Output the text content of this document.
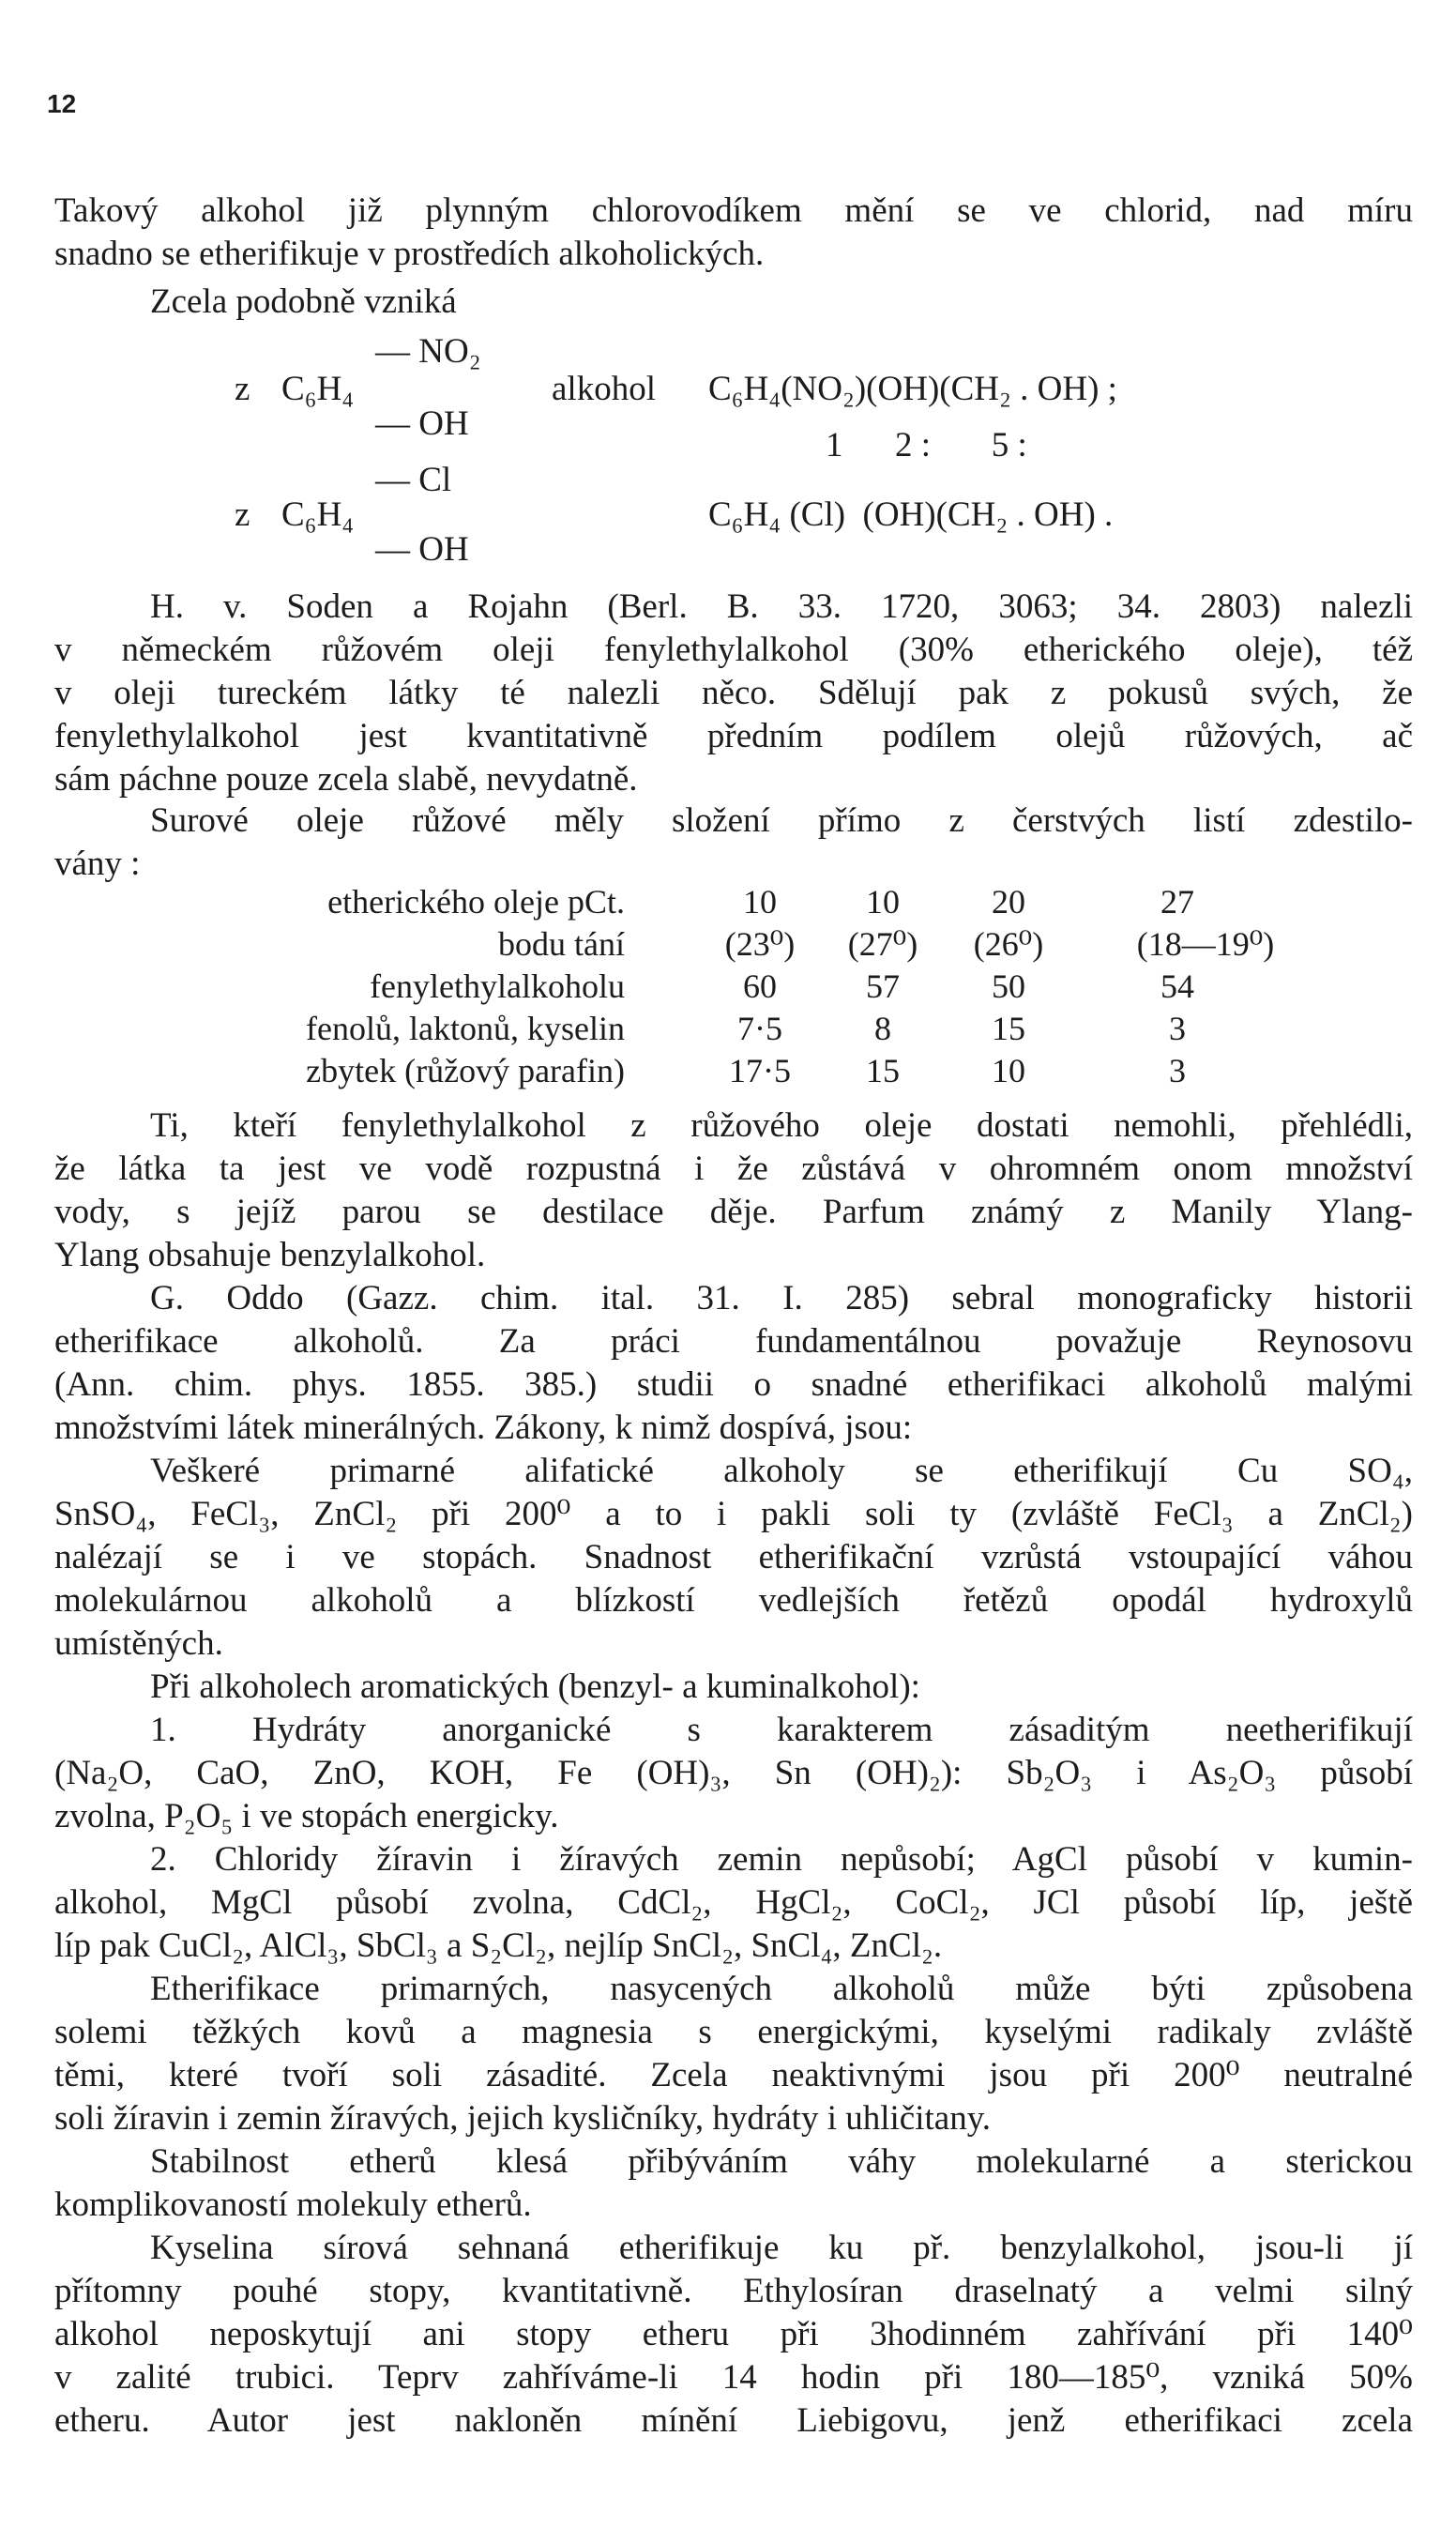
12
Takový alkohol již plynným chlorovodíkem mění se ve chlorid, nad míru
snadno se etherifikuje v prostředích alkoholických.
Zcela podobně vzniká
— NO₂
z C₆H₄
— OH
alkohol C₆H₄(NO₂)(OH)(CH₂ . OH) ;
1      2 :       5 :
— Cl
z C₆H₄
— OH
C₆H₄ (Cl)  (OH)(CH₂ . OH) .
H. v. Soden a Rojahn (Berl. B. 33. 1720, 3063; 34. 2803) nalezli
v německém růžovém oleji fenylethylalkohol (30% etherického oleje), též
v oleji tureckém látky té nalezli něco. Sdělují pak z pokusů svých, že
fenylethylalkohol jest kvantitativně předním podílem olejů růžových, ač
sám páchne pouze zcela slabě, nevydatně.
Surové oleje růžové měly složení přímo z čerstvých listí zdestilo-
vány :
etherického oleje pCt.	10	10	20	27
bodu tání	(23⁰)	(27⁰)	(26⁰)	(18—19⁰)
fenylethylalkoholu	60	57	50	54
fenolů, laktonů, kyselin	7·5	8	15	3
zbytek (růžový parafin)	17·5	15	10	3
Ti, kteří fenylethylalkohol z růžového oleje dostati nemohli, přehlédli,
že látka ta jest ve vodě rozpustná i že zůstává v ohromném onom množství
vody, s jejíž parou se destilace děje. Parfum známý z Manily Ylang-
Ylang obsahuje benzylalkohol.
G. Oddo (Gazz. chim. ital. 31. I. 285) sebral monograficky historii
etherifikace alkoholů. Za práci fundamentálnou považuje Reynosovu
(Ann. chim. phys. 1855. 385.) studii o snadné etherifikaci alkoholů malými
množstvími látek minerálných. Zákony, k nimž dospívá, jsou:
Veškeré primarné alifatické alkoholy se etherifikují Cu SO₄,
SnSO₄, FeCl₃, ZnCl₂ při 200⁰ a to i pakli soli ty (zvláště FeCl₃ a ZnCl₂)
nalézají se i ve stopách. Snadnost etherifikační vzrůstá vstoupající váhou
molekulárnou alkoholů a blízkostí vedlejších řetězů opodál hydroxylů
umístěných.
Při alkoholech aromatických (benzyl- a kuminalkohol):
1. Hydráty anorganické s karakterem zásaditým neetherifikují
(Na₂O, CaO, ZnO, KOH, Fe (OH)₃, Sn (OH)₂): Sb₂O₃ i As₂O₃ působí
zvolna, P₂O₅ i ve stopách energicky.
2. Chloridy žíravin i žíravých zemin nepůsobí; AgCl působí v kumin-
alkohol, MgCl působí zvolna, CdCl₂, HgCl₂, CoCl₂, JCl působí líp, ještě
líp pak CuCl₂, AlCl₃, SbCl₃ a S₂Cl₂, nejlíp SnCl₂, SnCl₄, ZnCl₂.
Etherifikace primarných, nasycených alkoholů může býti způsobena
solemi těžkých kovů a magnesia s energickými, kyselými radikaly zvláště
těmi, které tvoří soli zásadité. Zcela neaktivnými jsou při 200⁰ neutralné
soli žíravin i zemin žíravých, jejich kysličníky, hydráty i uhličitany.
Stabilnost etherů klesá přibýváním váhy molekularné a sterickou
komplikovaností molekuly etherů.
Kyselina sírová sehnaná etherifikuje ku př. benzylalkohol, jsou-li jí
přítomny pouhé stopy, kvantitativně. Ethylosíran draselnatý a velmi silný
alkohol neposkytují ani stopy etheru při 3hodinném zahřívání při 140⁰
v zalité trubici. Teprv zahříváme-li 14 hodin při 180—185⁰, vzniká 50%
etheru. Autor jest nakloněn mínění Liebigovu, jenž etherifikaci zcela
